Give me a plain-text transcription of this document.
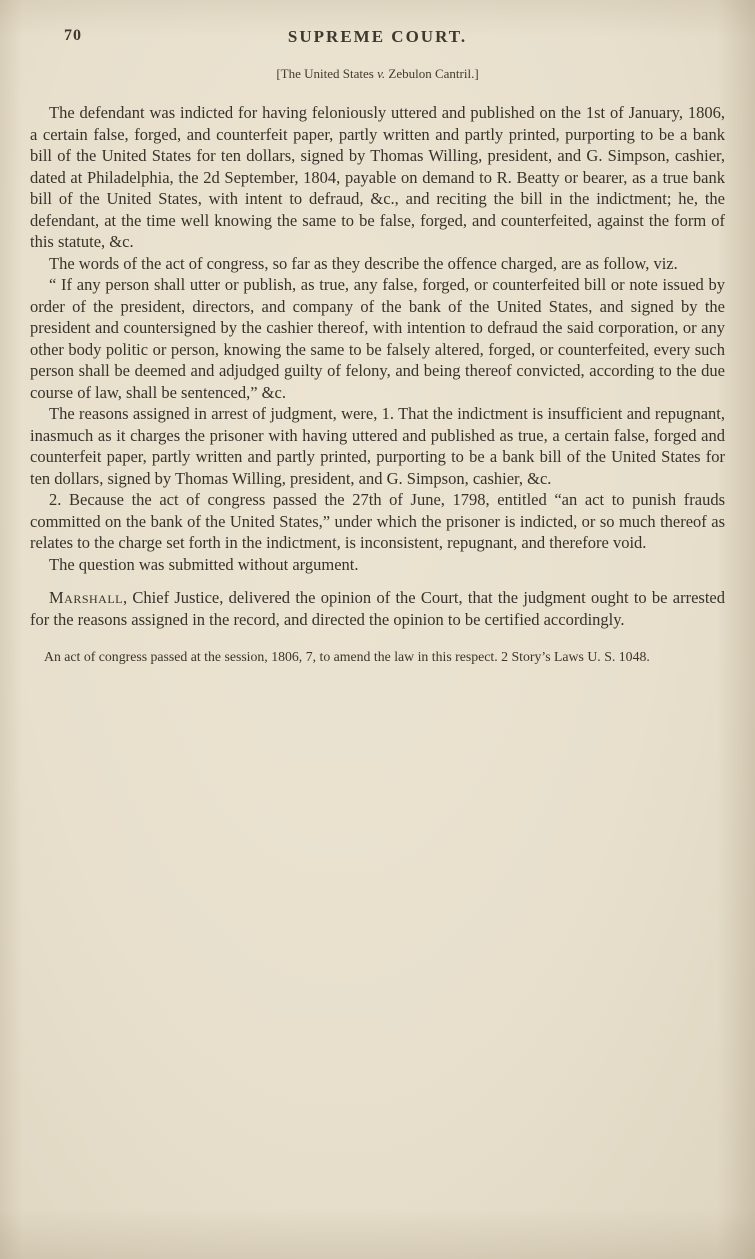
70	SUPREME COURT.
[The United States v. Zebulon Cantril.]

The defendant was indicted for having feloniously uttered and published on the 1st of January, 1806, a certain false, forged, and counterfeit paper, partly written and partly printed, purporting to be a bank bill of the United States for ten dollars, signed by Thomas Willing, president, and G. Simpson, cashier, dated at Philadelphia, the 2d September, 1804, payable on demand to R. Beatty or bearer, as a true bank bill of the United States, with intent to defraud, &c., and reciting the bill in the indictment; he, the defendant, at the time well knowing the same to be false, forged, and counterfeited, against the form of this statute, &c.

The words of the act of congress, so far as they describe the offence charged, are as follow, viz.

“ If any person shall utter or publish, as true, any false, forged, or counterfeited bill or note issued by order of the president, directors, and company of the bank of the United States, and signed by the president and countersigned by the cashier thereof, with intention to defraud the said corporation, or any other body politic or person, knowing the same to be falsely altered, forged, or counterfeited, every such person shall be deemed and adjudged guilty of felony, and being thereof convicted, according to the due course of law, shall be sentenced,” &c.

The reasons assigned in arrest of judgment, were, 1. That the indictment is insufficient and repugnant, inasmuch as it charges the prisoner with having uttered and published as true, a certain false, forged and counterfeit paper, partly written and partly printed, purporting to be a bank bill of the United States for ten dollars, signed by Thomas Willing, president, and G. Simpson, cashier, &c.

2. Because the act of congress passed the 27th of June, 1798, entitled “an act to punish frauds committed on the bank of the United States,” under which the prisoner is indicted, or so much thereof as relates to the charge set forth in the indictment, is inconsistent, repugnant, and therefore void.

The question was submitted without argument.

Marshall, Chief Justice, delivered the opinion of the Court, that the judgment ought to be arrested for the reasons assigned in the record, and directed the opinion to be certified accordingly.

An act of congress passed at the session, 1806, 7, to amend the law in this respect. 2 Story’s Laws U. S. 1048.
